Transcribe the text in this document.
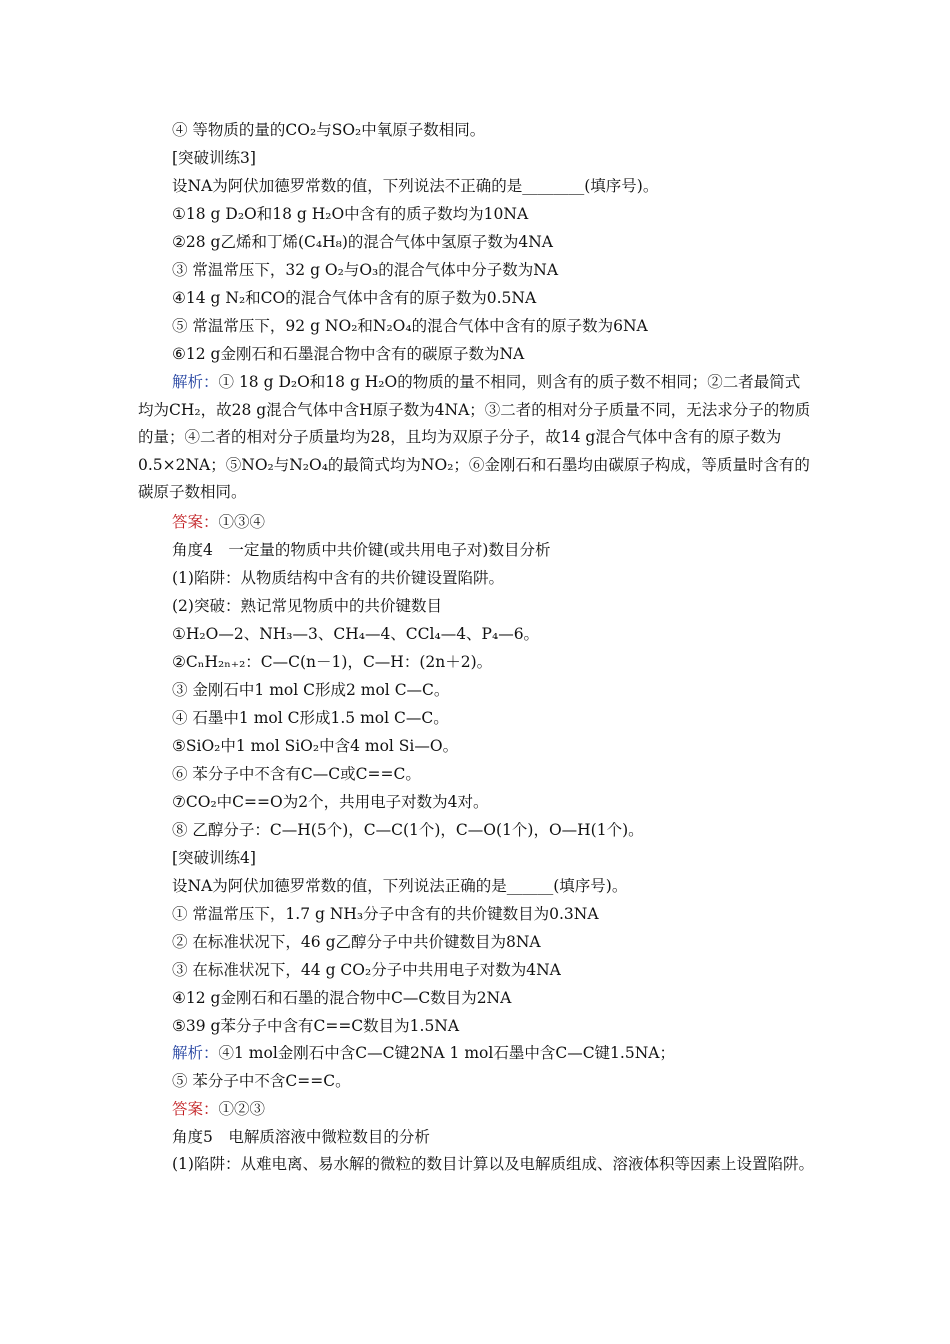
④ 等物质的量的CO₂与SO₂中氧原子数相同。
[突破训练3]
设NA为阿伏加德罗常数的值，下列说法不正确的是________(填序号)。
①18 g D₂O和18 g H₂O中含有的质子数均为10NA
②28 g乙烯和丁烯(C₄H₈)的混合气体中氢原子数为4NA
③ 常温常压下，32 g O₂与O₃的混合气体中分子数为NA
④14 g N₂和CO的混合气体中含有的原子数为0.5NA
⑤ 常温常压下，92 g NO₂和N₂O₄的混合气体中含有的原子数为6NA
⑥12 g金刚石和石墨混合物中含有的碳原子数为NA
解析：① 18 g D₂O和18 g H₂O的物质的量不相同，则含有的质子数不相同；②二者最简式均为CH₂，故28 g混合气体中含H原子数为4NA；③二者的相对分子质量不同，无法求分子的物质的量；④二者的相对分子质量均为28，且均为双原子分子，故14 g混合气体中含有的原子数为0.5×2NA；⑤NO₂与N₂O₄的最简式均为NO₂；⑥金刚石和石墨均由碳原子构成，等质量时含有的碳原子数相同。
答案：①③④
角度4　一定量的物质中共价键(或共用电子对)数目分析
(1)陷阱：从物质结构中含有的共价键设置陷阱。
(2)突破：熟记常见物质中的共价键数目
①H₂O—2、NH₃—3、CH₄—4、CCl₄—4、P₄—6。
②CₙH₂ₙ₊₂：C—C(n－1)，C—H：(2n＋2)。
③ 金刚石中1 mol C形成2 mol C—C。
④ 石墨中1 mol C形成1.5 mol C—C。
⑤SiO₂中1 mol SiO₂中含4 mol Si—O。
⑥ 苯分子中不含有C—C或C==C。
⑦CO₂中C==O为2个，共用电子对数为4对。
⑧ 乙醇分子：C—H(5个)，C—C(1个)，C—O(1个)，O—H(1个)。
[突破训练4]
设NA为阿伏加德罗常数的值，下列说法正确的是______(填序号)。
① 常温常压下，1.7 g NH₃分子中含有的共价键数目为0.3NA
② 在标准状况下，46 g乙醇分子中共价键数目为8NA
③ 在标准状况下，44 g CO₂分子中共用电子对数为4NA
④12 g金刚石和石墨的混合物中C—C数目为2NA
⑤39 g苯分子中含有C==C数目为1.5NA
解析：④1 mol金刚石中含C—C键2NA 1 mol石墨中含C—C键1.5NA；
⑤ 苯分子中不含C==C。
答案：①②③
角度5　电解质溶液中微粒数目的分析
(1)陷阱：从难电离、易水解的微粒的数目计算以及电解质组成、溶液体积等因素上设置陷阱。
